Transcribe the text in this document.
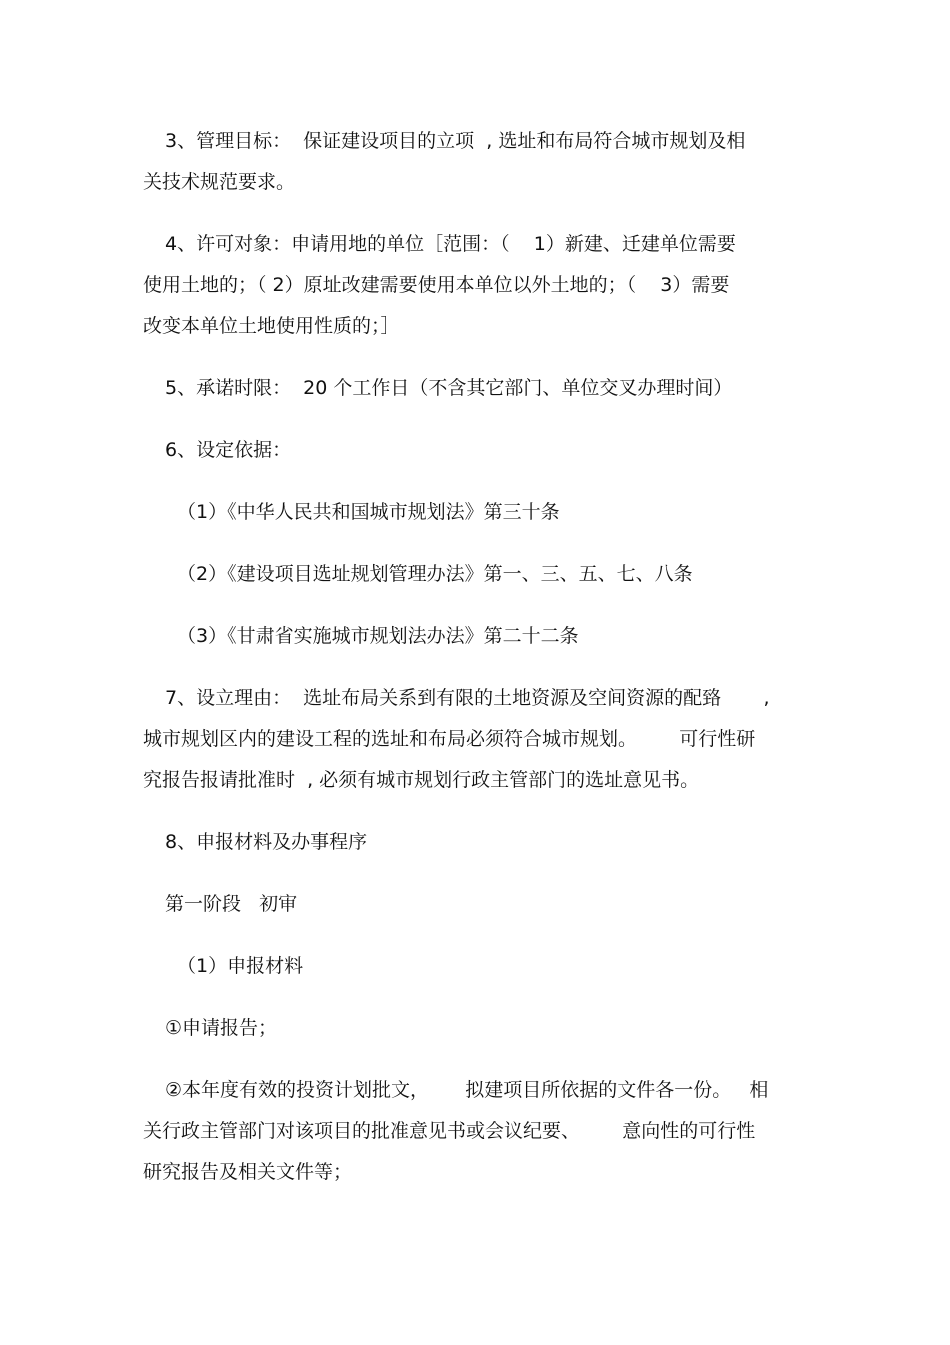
3、管理目标：  保证建设项目的立项  , 选址和布局符合城市规划及相
关技术规范要求。
4、许可对象：申请用地的单位［范围：（    1）新建、迁建单位需要
使用土地的；（ 2）原址改建需要使用本单位以外土地的；（    3）需要
改变本单位土地使用性质的；］
5、承诺时限：  20 个工作日（不含其它部门、单位交叉办理时间）
6、设定依据：
（1）《中华人民共和国城市规划法》第三十条
（2）《建设项目选址规划管理办法》第一、三、五、七、八条
（3）《甘肃省实施城市规划法办法》第二十二条
7、设立理由：  选址布局关系到有限的土地资源及空间资源的配臵       ,
城市规划区内的建设工程的选址和布局必须符合城市规划。       可行性研
究报告报请批准时  , 必须有城市规划行政主管部门的选址意见书。
8、申报材料及办事程序
第一阶段   初审
（1）申报材料
①申请报告；
②本年度有效的投资计划批文，      拟建项目所依据的文件各一份。   相
关行政主管部门对该项目的批准意见书或会议纪要、       意向性的可行性
研究报告及相关文件等；
